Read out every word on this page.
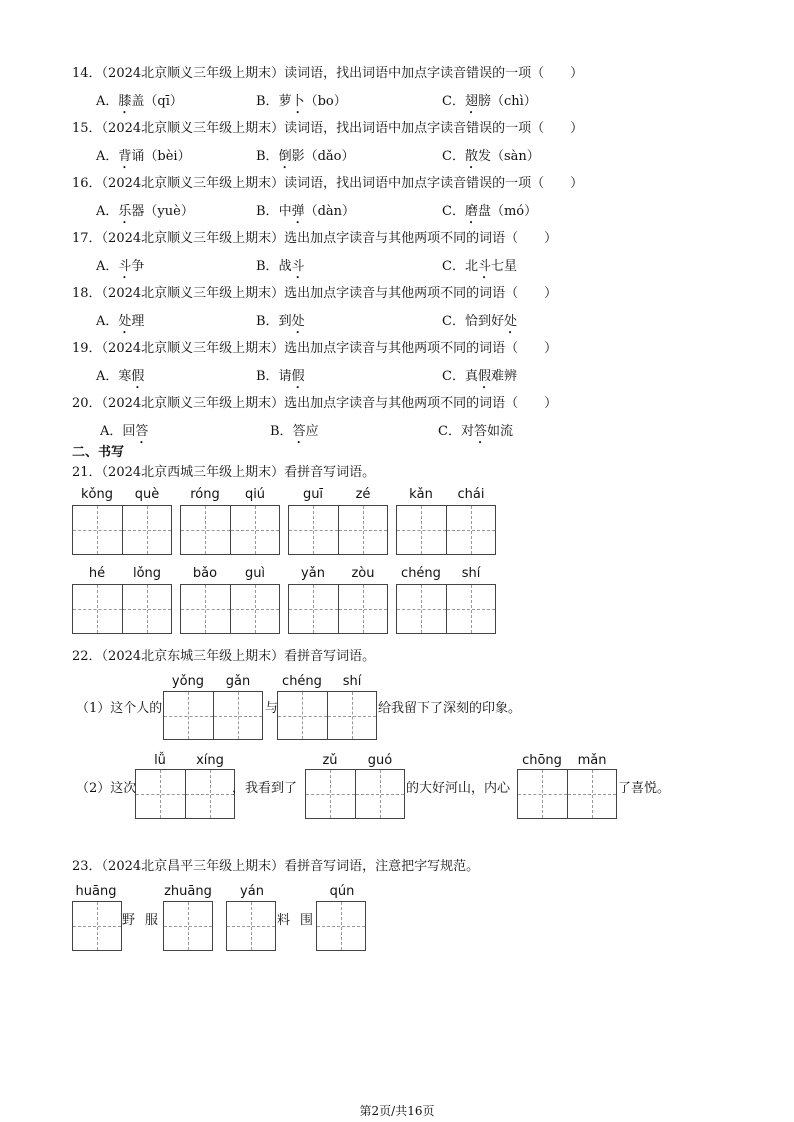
14．（2024北京顺义三年级上期末）读词语，找出词语中加点字读音错误的一项（　　）
A．膝盖（qī）	B．萝卜（bo）	C．翅膀（chì）
15．（2024北京顺义三年级上期末）读词语，找出词语中加点字读音错误的一项（　　）
A．背诵（bèi）	B．倒影（dǎo）	C．散发（sàn）
16．（2024北京顺义三年级上期末）读词语，找出词语中加点字读音错误的一项（　　）
A．乐器（yuè）	B．中弹（dàn）	C．磨盘（mó）
17．（2024北京顺义三年级上期末）选出加点字读音与其他两项不同的词语（　　）
A．斗争	B．战斗	C．北斗七星
18．（2024北京顺义三年级上期末）选出加点字读音与其他两项不同的词语（　　）
A．处理	B．到处	C．恰到好处
19．（2024北京顺义三年级上期末）选出加点字读音与其他两项不同的词语（　　）
A．寒假	B．请假	C．真假难辨
20．（2024北京顺义三年级上期末）选出加点字读音与其他两项不同的词语（　　）
A．回答	B．答应	C．对答如流
二、书写
21．（2024北京西城三年级上期末）看拼音写词语。
kǒng	què	róng	qiú	guī	zé	kǎn	chái
hé	lǒng	bǎo	guì	yǎn	zòu	chéng	shí
22．（2024北京东城三年级上期末）看拼音写词语。
yǒng	gǎn	chéng	shí
（1）这个人的	与	给我留下了深刻的印象。
lǚ	xíng	zǔ	guó	chōng	mǎn
（2）这次	，我看到了	的大好河山，内心	了喜悦。
23．（2024北京昌平三年级上期末）看拼音写词语，注意把字写规范。
huāng	zhuāng	yán	qún
野 服	料 围
第2页/共16页
